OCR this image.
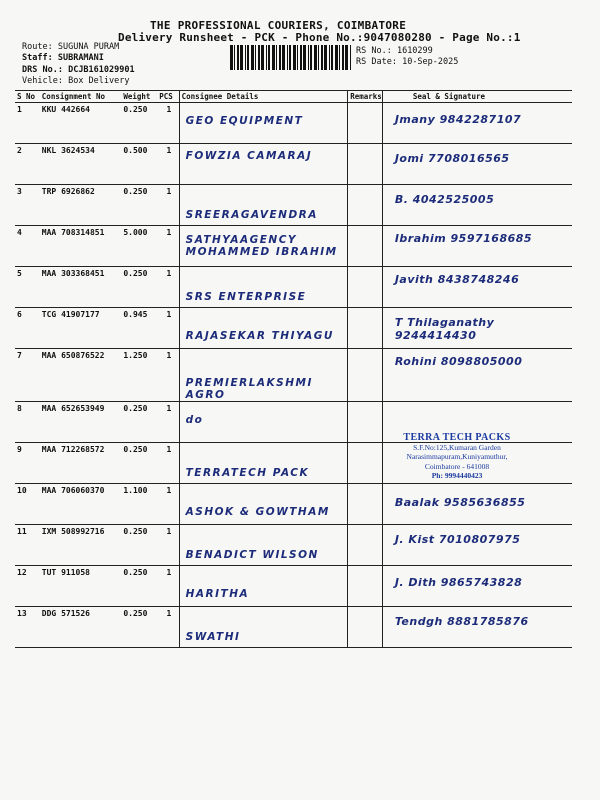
THE PROFESSIONAL COURIERS, COIMBATORE
Delivery Runsheet - PCK - Phone No.:9047080280 - Page No.:1
Route: SUGUNA PURAM
Staff: SUBRAMANI
DRS No.: DCJB161029901
Vehicle: Box Delivery
RS No.: 1610299
RS Date: 10-Sep-2025
S No	Consignment No	Weight	PCS	Consignee Details	Remarks	Seal & Signature
1	KKU 442664	0.250	1	GEO EQUIPMENT		Jmany 9842287107

2	NKL 3624534	0.500	1	FOWZIA CAMARAJ		Jomi 7708016565

3	TRP 6926862	0.250	1	SREERAGAVENDRA		B. 4042525005

4	MAA 708314851	5.000	1	SATHYAAGENCY MOHAMMED IBRAHIM		Ibrahim 9597168685

5	MAA 303368451	0.250	1	SRS ENTERPRISE		Javith 8438748246

6	TCG 41907177	0.945	1	RAJASEKAR THIYAGU		T Thilaganathy 9244414430

7	MAA 650876522	1.250	1	PREMIERLAKSHMI AGRO		Rohini 8098805000

8	MAA 652653949	0.250	1	do		

9	MAA 712268572	0.250	1	TERRATECH PACK		

10	MAA 706060370	1.100	1	ASHOK & GOWTHAM		Baalak 9585636855

11	IXM 508992716	0.250	1	BENADICT WILSON		J. Kist 7010807975

12	TUT 911058	0.250	1	HARITHA		J. Dith 9865743828

13	DDG 571526	0.250	1	SWATHI		Tendgh 8881785876
TERRA TECH PACKS
S.F.No:125,Kumaran Garden
Narasimmapuram,Kuniyamuthur,
Coimbatore - 641008
Ph: 9994440423
